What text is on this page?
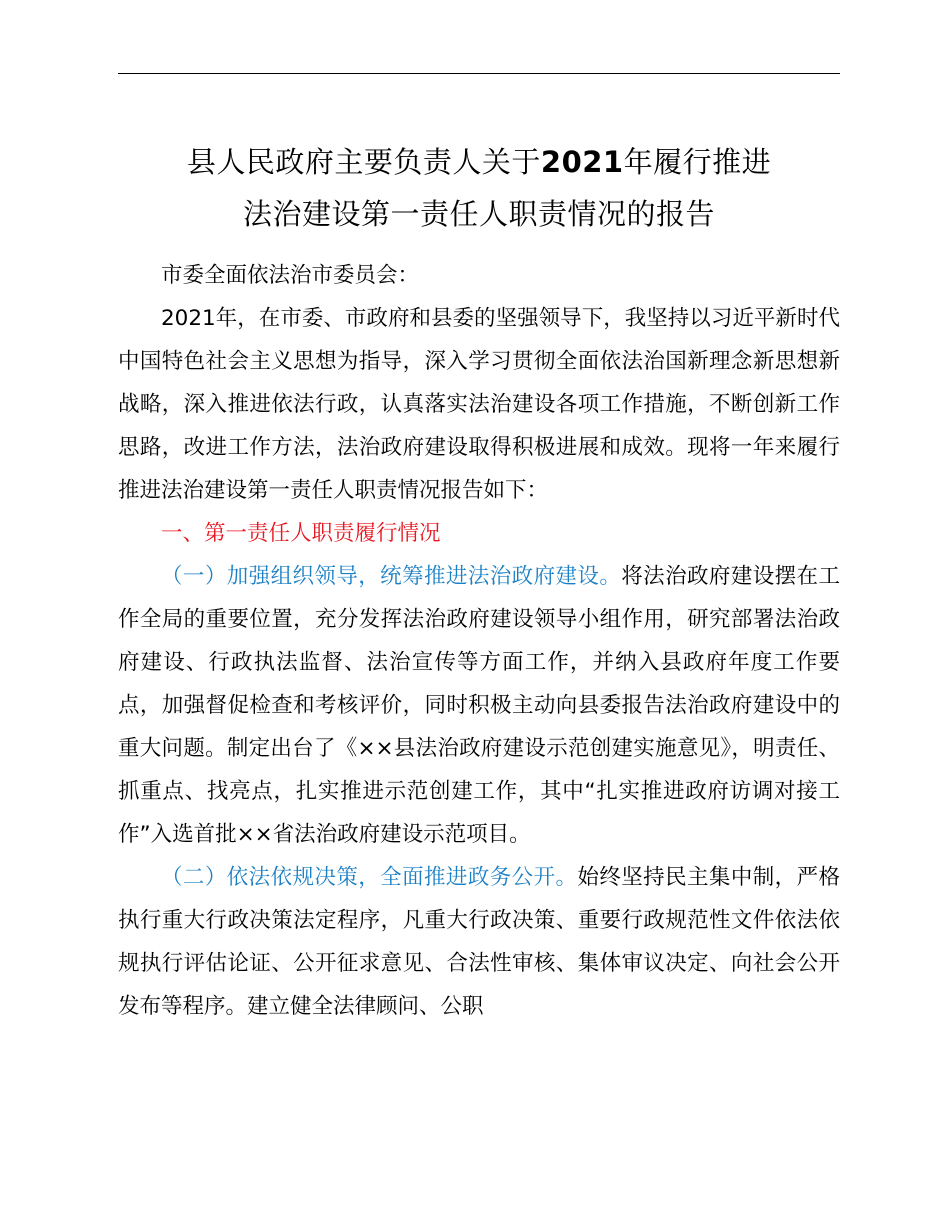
县人民政府主要负责人关于2021年履行推进
法治建设第一责任人职责情况的报告

市委全面依法治市委员会：

2021年，在市委、市政府和县委的坚强领导下，我坚持以习近平新时代中国特色社会主义思想为指导，深入学习贯彻全面依法治国新理念新思想新战略，深入推进依法行政，认真落实法治建设各项工作措施，不断创新工作思路，改进工作方法，法治政府建设取得积极进展和成效。现将一年来履行推进法治建设第一责任人职责情况报告如下：

一、第一责任人职责履行情况

（一）加强组织领导，统筹推进法治政府建设。将法治政府建设摆在工作全局的重要位置，充分发挥法治政府建设领导小组作用，研究部署法治政府建设、行政执法监督、法治宣传等方面工作，并纳入县政府年度工作要点，加强督促检查和考核评价，同时积极主动向县委报告法治政府建设中的重大问题。制定出台了《××县法治政府建设示范创建实施意见》，明责任、抓重点、找亮点，扎实推进示范创建工作，其中“扎实推进政府访调对接工作”入选首批××省法治政府建设示范项目。

（二）依法依规决策，全面推进政务公开。始终坚持民主集中制，严格执行重大行政决策法定程序，凡重大行政决策、重要行政规范性文件依法依规执行评估论证、公开征求意见、合法性审核、集体审议决定、向社会公开发布等程序。建立健全法律顾问、公职
